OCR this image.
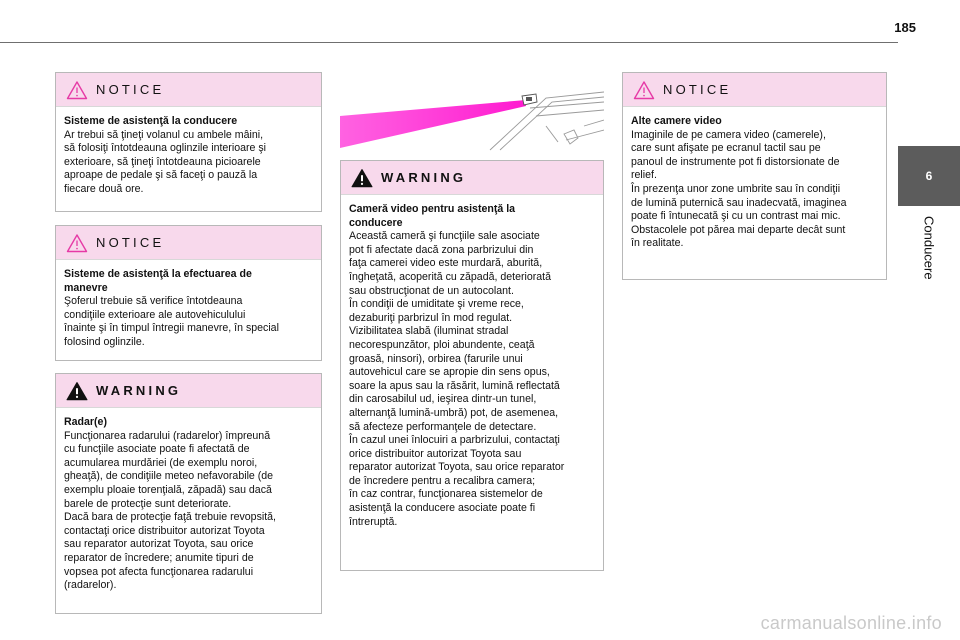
185
6
Conducere
NOTICE

Sisteme de asistenţă la conducere

Ar trebui să ţineţi volanul cu ambele mâini,

să folosiţi întotdeauna oglinzile interioare şi

exterioare, să ţineţi întotdeauna picioarele

aproape de pedale şi să faceţi o pauză la

fiecare două ore.

NOTICE

Sisteme de asistenţă la efectuarea de

manevre

Şoferul trebuie să verifice întotdeauna

condiţiile exterioare ale autovehiculului

înainte şi în timpul întregii manevre, în special

folosind oglinzile.

WARNING

Radar(e)

Funcţionarea radarului (radarelor) împreună

cu funcţiile asociate poate fi afectată de

acumularea murdăriei (de exemplu noroi,

gheaţă), de condiţiile meteo nefavorabile (de

exemplu ploaie torenţială, zăpadă) sau dacă

barele de protecţie sunt deteriorate.

Dacă bara de protecţie faţă trebuie revopsită,

contactaţi orice distribuitor autorizat Toyota

sau reparator autorizat Toyota, sau orice

reparator de încredere; anumite tipuri de

vopsea pot afecta funcţionarea radarului

(radarelor).

WARNING

Cameră video pentru asistenţă la

conducere

Această cameră şi funcţiile sale asociate

pot fi afectate dacă zona parbrizului din

faţa camerei video este murdară, aburită,

îngheţată, acoperită cu zăpadă, deteriorată

sau obstrucţionat de un autocolant.

În condiţii de umiditate şi vreme rece,

dezaburiţi parbrizul în mod regulat.

Vizibilitatea slabă (iluminat stradal

necorespunzător, ploi abundente, ceaţă

groasă, ninsori), orbirea (farurile unui

autovehicul care se apropie din sens opus,

soare la apus sau la răsărit, lumină reflectată

din carosabilul ud, ieşirea dintr-un tunel,

alternanţă lumină-umbră) pot, de asemenea,

să afecteze performanţele de detectare.

În cazul unei înlocuiri a parbrizului, contactaţi

orice distribuitor autorizat Toyota sau

reparator autorizat Toyota, sau orice reparator

de încredere pentru a recalibra camera;

în caz contrar, funcţionarea sistemelor de

asistenţă la conducere asociate poate fi

întreruptă.

NOTICE

Alte camere video

Imaginile de pe camera video (camerele),

care sunt afişate pe ecranul tactil sau pe

panoul de instrumente pot fi distorsionate de

relief.

În prezenţa unor zone umbrite sau în condiţii

de lumină puternică sau inadecvată, imaginea

poate fi întunecată şi cu un contrast mai mic.

Obstacolele pot părea mai departe decât sunt

în realitate.

carmanualsonline.info
